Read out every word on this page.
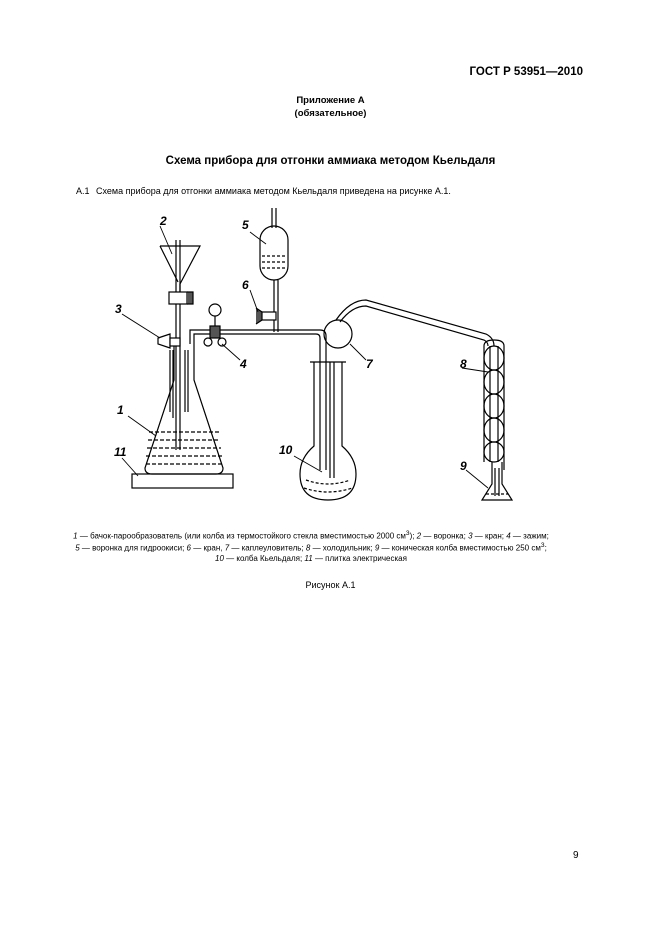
ГОСТ Р 53951—2010
Приложение А
(обязательное)
Схема прибора для отгонки аммиака методом Кьельдаля
А.1 Схема прибора для отгонки аммиака методом Кьельдаля приведена на рисунке А.1.
2
3
1
11
5
6
4	7	8
9
10
1 — бачок-парообразователь (или колба из термостойкого стекла вместимостью 2000 $см^3$); 2 — воронка; 3 — кран; 4 — зажим;
5 — воронка для гидроокиси; 6 — кран, 7 — каплеуловитель; 8 — холодильник; 9 — коническая колба вместимостью 250 $см^3$;
10 — колба Кьельдаля; 11 — плитка электрическая
Рисунок А.1
9
